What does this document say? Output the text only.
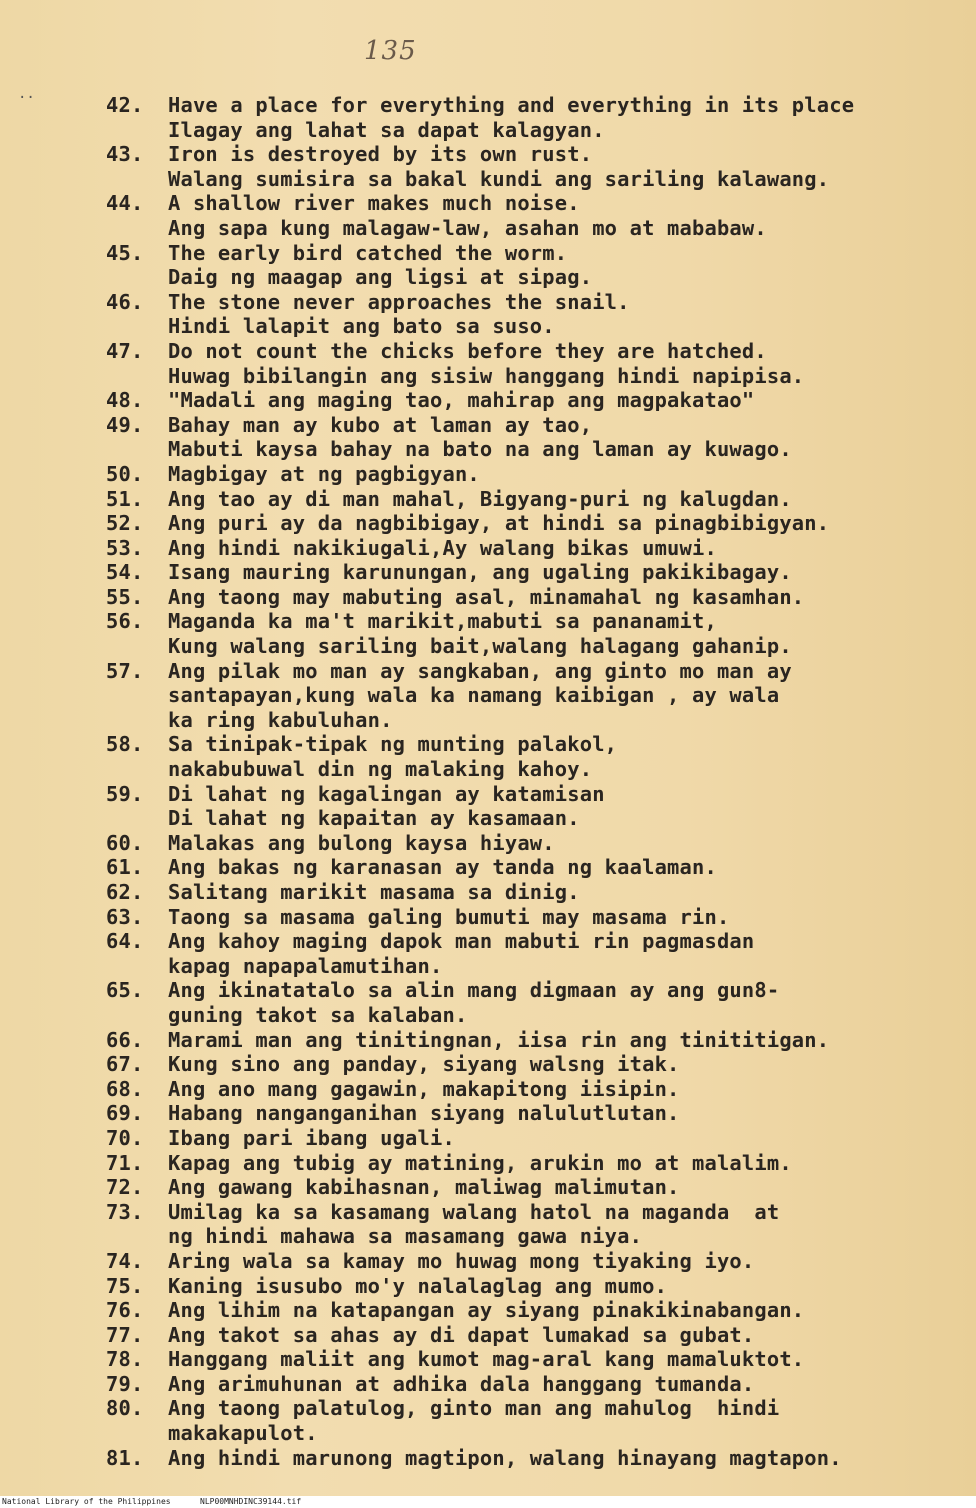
135
..	42.	Have a place for everything and everything in its place
Ilagay ang lahat sa dapat kalagyan.
43.	Iron is destroyed by its own rust.
Walang sumisira sa bakal kundi ang sariling kalawang.
44.	A shallow river makes much noise.
Ang sapa kung malagaw-law, asahan mo at mababaw.
45.	The early bird catched the worm.
Daig ng maagap ang ligsi at sipag.
46.	The stone never approaches the snail.
Hindi lalapit ang bato sa suso.
47.	Do not count the chicks before they are hatched.
Huwag bibilangin ang sisiw hanggang hindi napipisa.
48.	"Madali ang maging tao, mahirap ang magpakatao"
49.	Bahay man ay kubo at laman ay tao,
Mabuti kaysa bahay na bato na ang laman ay kuwago.
50.	Magbigay at ng pagbigyan.
51.	Ang tao ay di man mahal, Bigyang-puri ng kalugdan.
52.	Ang puri ay da nagbibigay, at hindi sa pinagbibigyan.
53.	Ang hindi nakikiugali,Ay walang bikas umuwi.
54.	Isang mauring karunungan, ang ugaling pakikibagay.
55.	Ang taong may mabuting asal, minamahal ng kasamhan.
56.	Maganda ka ma't marikit,mabuti sa pananamit,
Kung walang sariling bait,walang halagang gahanip.
57.	Ang pilak mo man ay sangkaban, ang ginto mo man ay
santapayan,kung wala ka namang kaibigan , ay wala
ka ring kabuluhan.
58.	Sa tinipak-tipak ng munting palakol,
nakabubuwal din ng malaking kahoy.
59.	Di lahat ng kagalingan ay katamisan
Di lahat ng kapaitan ay kasamaan.
60.	Malakas ang bulong kaysa hiyaw.
61.	Ang bakas ng karanasan ay tanda ng kaalaman.
62.	Salitang marikit masama sa dinig.
63.	Taong sa masama galing bumuti may masama rin.
64.	Ang kahoy maging dapok man mabuti rin pagmasdan
kapag napapalamutihan.
65.	Ang ikinatatalo sa alin mang digmaan ay ang gun8-
guning takot sa kalaban.
66.	Marami man ang tinitingnan, iisa rin ang tinititigan.
67.	Kung sino ang panday, siyang walsng itak.
68.	Ang ano mang gagawin, makapitong iisipin.
69.	Habang nanganganihan siyang nalulutlutan.
70.	Ibang pari ibang ugali.
71.	Kapag ang tubig ay matining, arukin mo at malalim.
72.	Ang gawang kabihasnan, maliwag malimutan.
73.	Umilag ka sa kasamang walang hatol na maganda  at
ng hindi mahawa sa masamang gawa niya.
74.	Aring wala sa kamay mo huwag mong tiyaking iyo.
75.	Kaning isusubo mo'y nalalaglag ang mumo.
76.	Ang lihim na katapangan ay siyang pinakikinabangan.
77.	Ang takot sa ahas ay di dapat lumakad sa gubat.
78.	Hanggang maliit ang kumot mag-aral kang mamaluktot.
79.	Ang arimuhunan at adhika dala hanggang tumanda.
80.	Ang taong palatulog, ginto man ang mahulog  hindi
makakapulot.
81.	Ang hindi marunong magtipon, walang hinayang magtapon.
National Library of the Philippines	NLP00MNHDINC39144.tif
